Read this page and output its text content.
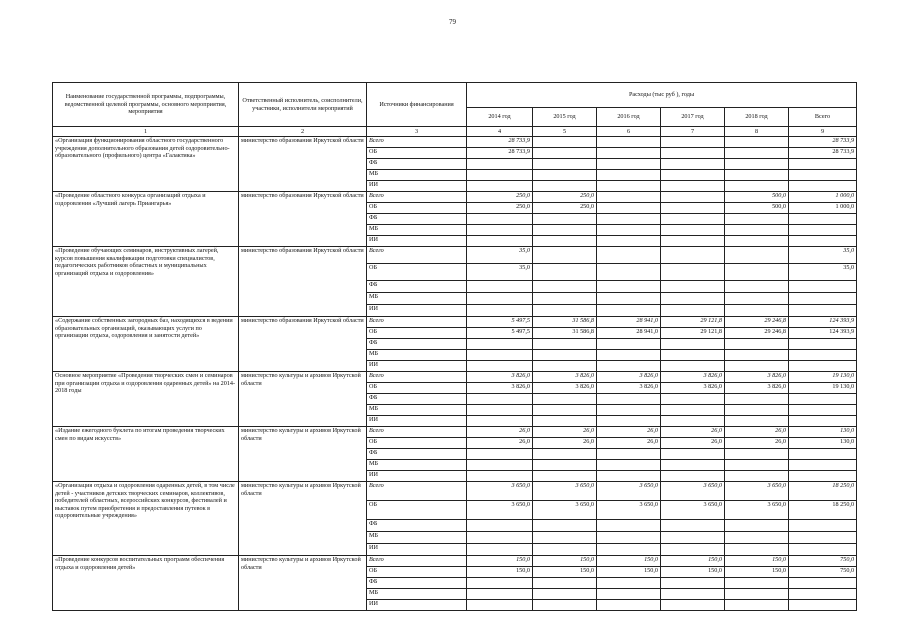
79
Наименование государственной программы, подпрограммы, ведомственной целевой программы, основного мероприятия, мероприятия	Ответственный исполнитель, соисполнители, участники, исполнители мероприятий	Источники финансирования	Расходы (тыс руб ), годы					
			2014 год	2015 год	2016 год	2017 год	2018 год	Всего
1	2	3	4	5	6	7	8	9
«Организация функционирования областного государственного учреждения дополнительного образования детей оздоровительно-образовательного (профильного) центра «Галактика»	министерство образования Иркутской области	Всего	28 733,9					28 733,9
		ОБ	28 733,9					28 733,9
		ФБ						
		МБ						
		ИИ						
«Проведение областного конкурса организаций отдыха и оздоровления «Лучший лагерь Приангарья»	министерство образования Иркутской области	Всего	250,0	250,0			500,0	1 000,0
		ОБ	250,0	250,0			500,0	1 000,0
		ФБ						
		МБ						
		ИИ						
«Проведение обучающих семинаров, инструктивных лагерей, курсов повышения квалификации подготовки специалистов, педагогических работников областных и муниципальных организаций отдыха и оздоровления»	министерство образования Иркутской области	Всего	35,0					35,0
		ОБ	35,0					35,0
		ФБ						
		МБ						
		ИИ						
«Содержание собственных загородных баз, находящихся в ведении образовательных организаций, оказывающих услуги по организации отдыха, оздоровления и занятости детей»	министерство образования Иркутской области	Всего	5 497,5	31 586,8	28 941,0	29 121,8	29 246,8	124 393,9
		ОБ	5 497,5	31 586,8	28 941,0	29 121,8	29 246,8	124 393,9
		ФБ						
		МБ						
		ИИ						
Основное мероприятие «Проведения творческих смен и семинаров при организации отдыха и оздоровления одаренных детей» на 2014-2018 годы	министерство культуры и архивов Иркутской области	Всего	3 826,0	3 826,0	3 826,0	3 826,0	3 826,0	19 130,0
		ОБ	3 826,0	3 826,0	3 826,0	3 826,0	3 826,0	19 130,0
		ФБ						
		МБ						
		ИИ						
«Издание ежегодного буклета по итогам проведения творческих смен по видам искусств»	министерство культуры и архивов Иркутской области	Всего	26,0	26,0	26,0	26,0	26,0	130,0
		ОБ	26,0	26,0	26,0	26,0	26,0	130,0
		ФБ						
		МБ						
		ИИ						
«Организация отдыха и оздоровления одаренных детей, в том числе детей - участников детских творческих семинаров, коллективов, победителей областных, всероссийских конкурсов, фестивалей и выставок путем приобретения и предоставления путевок в оздоровительные учреждения»	министерство культуры и архивов Иркутской области	Всего	3 650,0	3 650,0	3 650,0	3 650,0	3 650,0	18 250,0
		ОБ	3 650,0	3 650,0	3 650,0	3 650,0	3 650,0	18 250,0
		ФБ						
		МБ						
		ИИ						
«Проведение конкурсов воспитательных программ обеспечения отдыха и оздоровления детей»	министерство культуры и архивов Иркутской области	Всего	150,0	150,0	150,0	150,0	150,0	750,0
		ОБ	150,0	150,0	150,0	150,0	150,0	750,0
		ФБ						
		МБ						
		ИИ						
